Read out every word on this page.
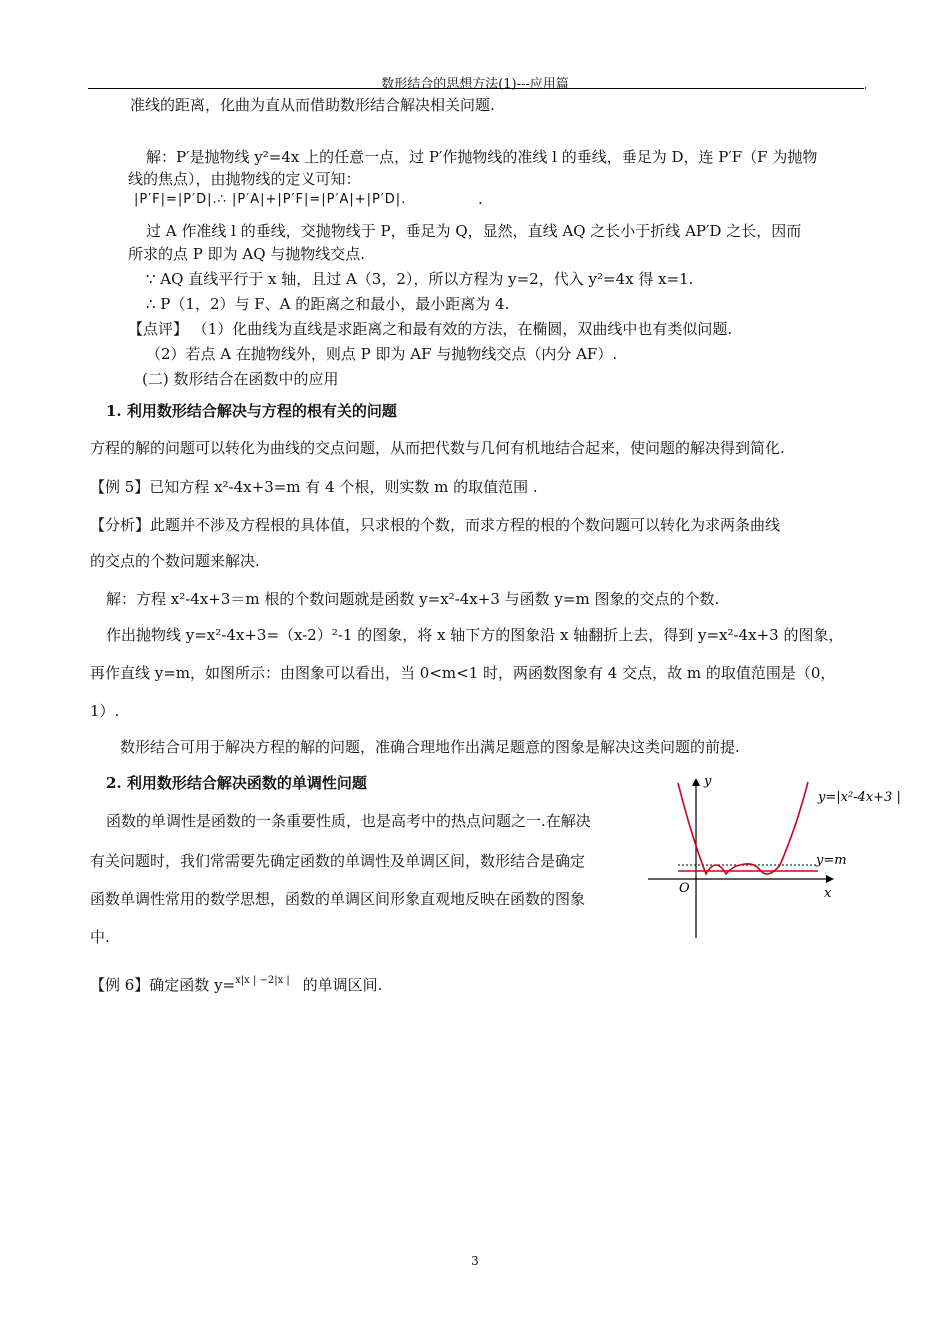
数形结合的思想方法(1)---应用篇	,
准线的距离，化曲为直从而借助数形结合解决相关问题.
解：P′是抛物线 y²=4x 上的任意一点，过 P′作抛物线的准线 l 的垂线，垂足为 D，连 P′F（F 为抛物
线的焦点），由抛物线的定义可知：
|P′F|=|P′D|.∴ |P′A|+|P′F|=|P′A|+|P′D|.	.
过 A 作准线 l 的垂线，交抛物线于 P，垂足为 Q，显然，直线 AQ 之长小于折线 AP′D 之长，因而
所求的点 P 即为 AQ 与抛物线交点.
∵ AQ 直线平行于 x 轴，且过 A（3，2），所以方程为 y=2，代入 y²=4x 得 x=1.
∴ P（1，2）与 F、A 的距离之和最小，最小距离为 4.
【点评】 （1）化曲线为直线是求距离之和最有效的方法，在椭圆，双曲线中也有类似问题.
（2）若点 A 在抛物线外，则点 P 即为 AF 与抛物线交点（内分 AF）.
(二) 数形结合在函数中的应用
1. 利用数形结合解决与方程的根有关的问题
方程的解的问题可以转化为曲线的交点问题，从而把代数与几何有机地结合起来，使问题的解决得到简化.
【例 5】已知方程 x²-4x+3=m 有 4 个根，则实数 m 的取值范围 .
【分析】此题并不涉及方程根的具体值，只求根的个数，而求方程的根的个数问题可以转化为求两条曲线
的交点的个数问题来解决.
解：方程 x²-4x+3＝m 根的个数问题就是函数 y=x²-4x+3 与函数 y=m 图象的交点的个数.
作出抛物线 y=x²-4x+3=（x-2）²-1 的图象，将 x 轴下方的图象沿 x 轴翻折上去，得到 y=x²-4x+3 的图象，
再作直线 y=m，如图所示：由图象可以看出，当 0<m<1 时，两函数图象有 4 交点，故 m 的取值范围是（0，
1）.
数形结合可用于解决方程的解的问题，准确合理地作出满足题意的图象是解决这类问题的前提.
2. 利用数形结合解决函数的单调性问题
函数的单调性是函数的一条重要性质，也是高考中的热点问题之一.在解决
有关问题时，我们常需要先确定函数的单调性及单调区间，数形结合是确定
函数单调性常用的数学思想，函数的单调区间形象直观地反映在函数的图象
中.
【例 6】确定函数 y=$^{x|x | -2|x |}$ 的单调区间.
y
x
O
y=|x²-4x+3 |
y=m
3
